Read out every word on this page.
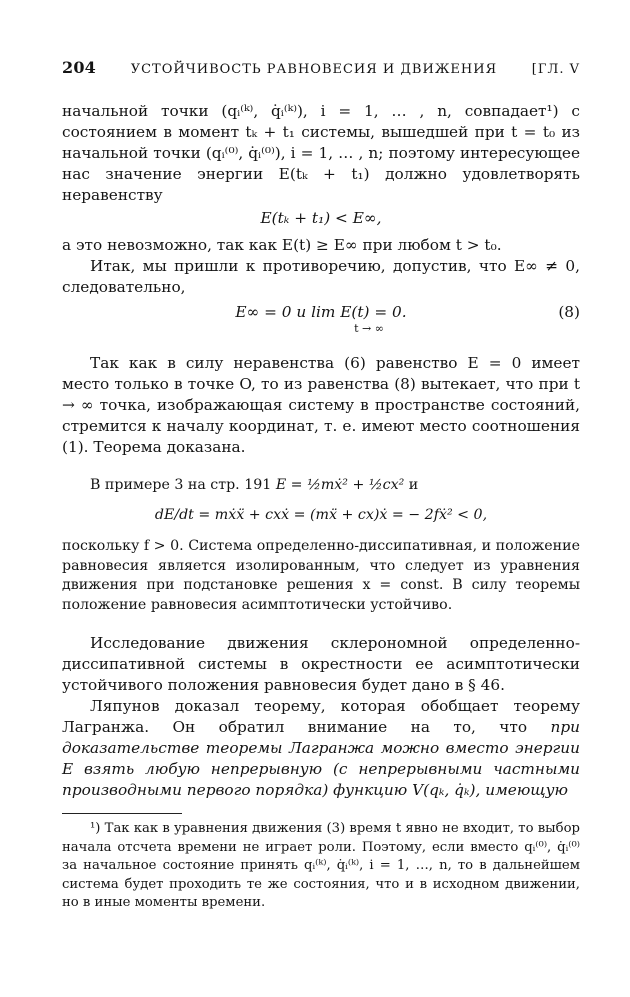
204	УСТОЙЧИВОСТЬ РАВНОВЕСИЯ И ДВИЖЕНИЯ	[ГЛ. V

начальной точки (qᵢ⁽ᵏ⁾, q̇ᵢ⁽ᵏ⁾), i = 1, … , n, совпадает¹) с состоянием в момент tₖ + t₁ системы, вышедшей при t = t₀ из начальной точки (qᵢ⁽⁰⁾, q̇ᵢ⁽⁰⁾), i = 1, … , n; поэтому интересующее нас значение энергии E(tₖ + t₁) должно удовлетворять неравенству

E(tₖ + t₁) < E∞,

а это невозможно, так как E(t) ≥ E∞ при любом t > t₀.

Итак, мы пришли к противоречию, допустив, что E∞ ≠ 0, следовательно,

E∞ = 0 и lim E(t) = 0.
t → ∞
(8)

Так как в силу неравенства (6) равенство E = 0 имеет место только в точке O, то из равенства (8) вытекает, что при t → ∞ точка, изображающая систему в пространстве состояний, стремится к началу координат, т. е. имеют место соотношения (1). Теорема доказана.

В примере 3 на стр. 191 E = ½mẋ² + ½cx² и

dE/dt = mẋẍ + cxẋ = (mẍ + cx)ẋ = − 2fẋ² < 0,

поскольку f > 0. Система определенно-диссипативная, и положение равновесия является изолированным, что следует из уравнения движения при подстановке решения x = const. В силу теоремы положение равновесия асимптотически устойчиво.

Исследование движения склерономной определенно-диссипативной системы в окрестности ее асимптотически устойчивого положения равновесия будет дано в § 46.

Ляпунов доказал теорему, которая обобщает теорему Лагранжа. Он обратил внимание на то, что при доказательстве теоремы Лагранжа можно вместо энергии E взять любую непрерывную (с непрерывными частными производными первого порядка) функцию V(qₖ, q̇ₖ), имеющую

¹) Так как в уравнения движения (3) время t явно не входит, то выбор начала отсчета времени не играет роли. Поэтому, если вместо qᵢ⁽⁰⁾, q̇ᵢ⁽⁰⁾ за начальное состояние принять qᵢ⁽ᵏ⁾, q̇ᵢ⁽ᵏ⁾, i = 1, …, n, то в дальнейшем система будет проходить те же состояния, что и в исходном движении, но в иные моменты времени.
